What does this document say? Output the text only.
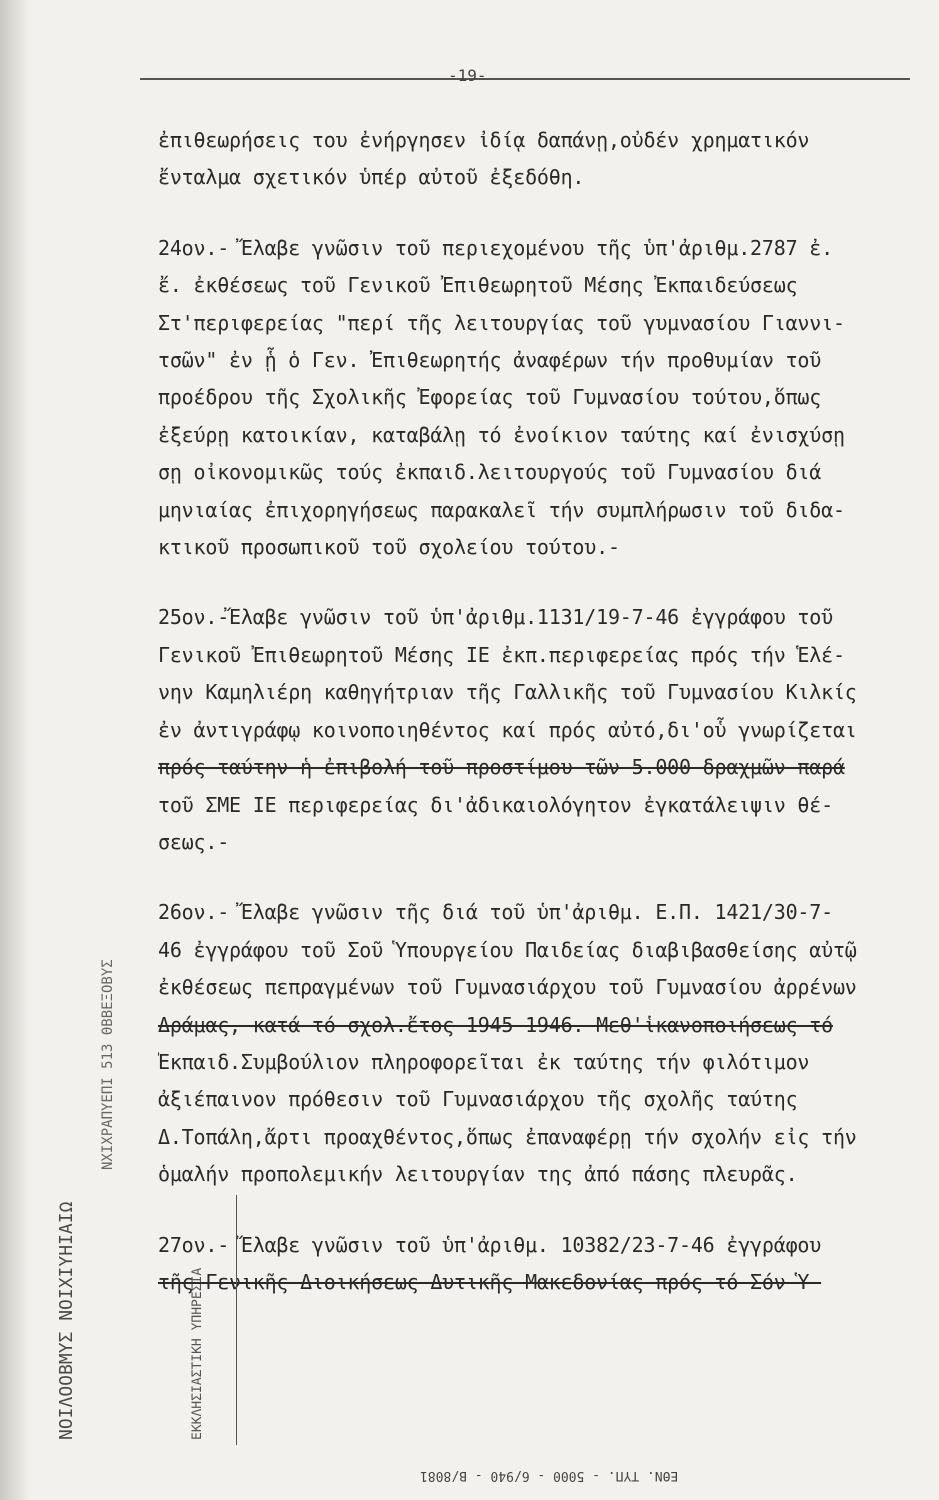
-19-
ἐπιθεωρήσεις του ἐνήργησεν ἰδίᾳ δαπάνῃ,οὐδέν χρηματικόν
ἔνταλμα σχετικόν ὑπέρ αὐτοῦ ἐξεδόθη.
24ον.- Ἔλαβε γνῶσιν τοῦ περιεχομένου τῆς ὑπ'ἀριθμ.2787 ἐ.
ἔ. ἐκθέσεως τοῦ Γενικοῦ Ἐπιθεωρητοῦ Μέσης Ἐκπαιδεύσεως
Στ'περιφερείας "περί τῆς λειτουργίας τοῦ γυμνασίου Γιαννι-
τσῶν" ἐν ᾗ ὁ Γεν. Ἐπιθεωρητής ἀναφέρων τήν προθυμίαν τοῦ
προέδρου τῆς Σχολικῆς Ἐφορείας τοῦ Γυμνασίου τούτου,ὅπως
ἐξεύρῃ κατοικίαν, καταβάλῃ τό ἐνοίκιον ταύτης καί ἐνισχύσῃ
σῃ οἰκονομικῶς τούς ἐκπαιδ.λειτουργούς τοῦ Γυμνασίου διά
μηνιαίας ἐπιχορηγήσεως παρακαλεῖ τήν συμπλήρωσιν τοῦ διδα-
κτικοῦ προσωπικοῦ τοῦ σχολείου τούτου.-
25ον.-Ἔλαβε γνῶσιν τοῦ ὑπ'ἀριθμ.1131/19-7-46 ἐγγράφου τοῦ
Γενικοῦ Ἐπιθεωρητοῦ Μέσης ΙΕ ἐκπ.περιφερείας πρός τήν Ἑλέ-
νην Καμηλιέρη καθηγήτριαν τῆς Γαλλικῆς τοῦ Γυμνασίου Κιλκίς
ἐν ἀντιγράφῳ κοινοποιηθέντος καί πρός αὐτό,δι'οὗ γνωρίζεται
πρός ταύτην ἡ ἐπιβολή τοῦ προστίμου τῶν 5.000 δραχμῶν παρά
τοῦ ΣΜΕ ΙΕ περιφερείας δι'ἀδικαιολόγητον ἐγκατάλειψιν θέ-
σεως.-
26ον.- Ἔλαβε γνῶσιν τῆς διά τοῦ ὑπ'ἀριθμ. Ε.Π. 1421/30-7-
46 ἐγγράφου τοῦ Σοῦ Ὑπουργείου Παιδείας διαβιβασθείσης αὐτῷ
ἐκθέσεως πεπραγμένων τοῦ Γυμνασιάρχου τοῦ Γυμνασίου ἀρρένων
Δράμας, κατά τό σχολ.ἔτος 1945-1946. Μεθ'ἱκανοποιήσεως τό
Ἐκπαιδ.Συμβούλιον πληροφορεῖται ἐκ ταύτης τήν φιλότιμον
ἀξιέπαινον πρόθεσιν τοῦ Γυμνασιάρχου τῆς σχολῆς ταύτης
Δ.Τοπάλη,ἄρτι προαχθέντος,ὅπως ἐπαναφέρῃ τήν σχολήν εἰς τήν
ὁμαλήν προπολεμικήν λειτουργίαν της ἀπό πάσης πλευρᾶς.
27ον.- Ἔλαβε γνῶσιν τοῦ ὑπ'ἀριθμ. 10382/23-7-46 ἐγγράφου
τῆς Γενικῆς Διοικήσεως Δυτικῆς Μακεδονίας πρός τό Σόν Ὑ-
ΝΟΙΛΟΟΒΜΥΣ ΝΟΙΧΙΥΗΙΑΙΩ
ΝΧΙΧΡΑΠΥΕΠΙ 513 ΘΒΒΕΞΟΒΥΣ
ΕΚΚΛΗΣΙΑΣΤΙΚΗ ΥΠΗΡΕΣΙΑ
ΕΘΝ. ΤΥΠ. - 5000 - 6/940 - Β/8081
